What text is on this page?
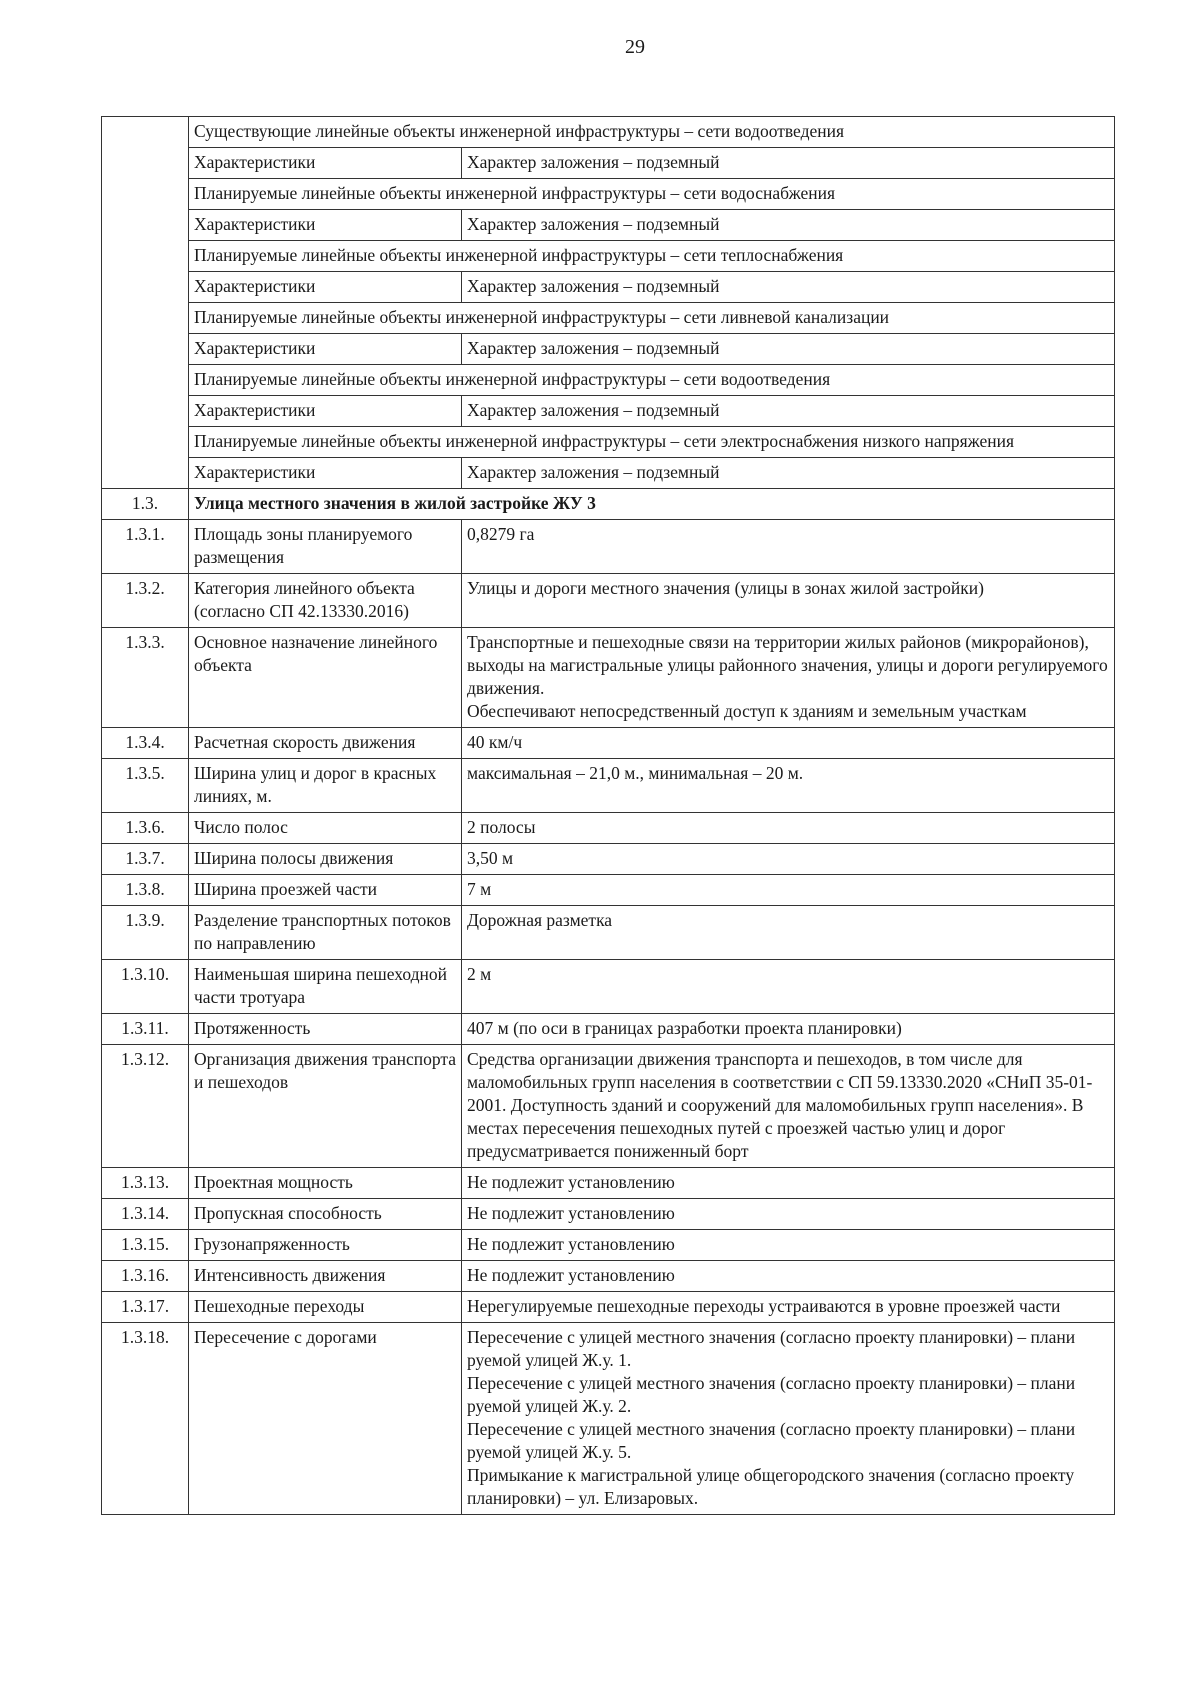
29
	Существующие линейные объекты инженерной инфраструктуры – сети водоотведения	
	Характеристики	Характер заложения – подземный
	Планируемые линейные объекты инженерной инфраструктуры – сети водоснабжения	
	Характеристики	Характер заложения – подземный
	Планируемые линейные объекты инженерной инфраструктуры – сети теплоснабжения	
	Характеристики	Характер заложения – подземный
	Планируемые линейные объекты инженерной инфраструктуры – сети ливневой канализации	
	Характеристики	Характер заложения – подземный
	Планируемые линейные объекты инженерной инфраструктуры – сети водоотведения	
	Характеристики	Характер заложения – подземный
	Планируемые линейные объекты инженерной инфраструктуры – сети электроснабжения низкого напряжения	
	Характеристики	Характер заложения – подземный
1.3.	Улица местного значения в жилой застройке ЖУ 3	
1.3.1.	Площадь зоны планируемого размещения	0,8279 га

1.3.2.	Категория линейного объекта (согласно СП 42.13330.2016)	Улицы и дороги местного значения (улицы в зонах жилой застройки)

1.3.3.	Основное назначение линейного объекта	Транспортные и пешеходные связи на территории жилых районов (микрорайонов), выходы на магистральные улицы районного значения, улицы и дороги регулируемого движения.
Обеспечивают непосредственный доступ к зданиям и земельным участкам

1.3.4.	Расчетная скорость движения	40 км/ч

1.3.5.	Ширина улиц и дорог в красных линиях, м.	максимальная – 21,0 м., минимальная – 20 м.

1.3.6.	Число полос	2 полосы

1.3.7.	Ширина полосы движения	3,50 м

1.3.8.	Ширина проезжей части	7 м

1.3.9.	Разделение транспортных потоков по направлению	Дорожная разметка

1.3.10.	Наименьшая ширина пешеходной части тротуара	2 м

1.3.11.	Протяженность	407 м (по оси в границах разработки проекта планировки)

1.3.12.	Организация движения транспорта и пешеходов	Средства организации движения транспорта и пешеходов, в том числе для маломобильных групп населения в соответствии с СП 59.13330.2020 «СНиП 35-01-2001. Доступность зданий и сооружений для маломобильных групп населения». В местах пересечения пешеходных путей с проезжей частью улиц и дорог предусматривается пониженный борт

1.3.13.	Проектная мощность	Не подлежит установлению

1.3.14.	Пропускная способность	Не подлежит установлению

1.3.15.	Грузонапряженность	Не подлежит установлению

1.3.16.	Интенсивность движения	Не подлежит установлению

1.3.17.	Пешеходные переходы	Нерегулируемые пешеходные переходы устраиваются в уровне проезжей части

1.3.18.	Пересечение с дорогами	Пересечение с улицей местного значения (согласно проекту планировки) – плани руемой улицей Ж.у. 1.
Пересечение с улицей местного значения (согласно проекту планировки) – плани руемой улицей Ж.у. 2.
Пересечение с улицей местного значения (согласно проекту планировки) – плани руемой улицей Ж.у. 5.
Примыкание к магистральной улице общегородского значения (согласно проекту планировки) – ул. Елизаровых.
